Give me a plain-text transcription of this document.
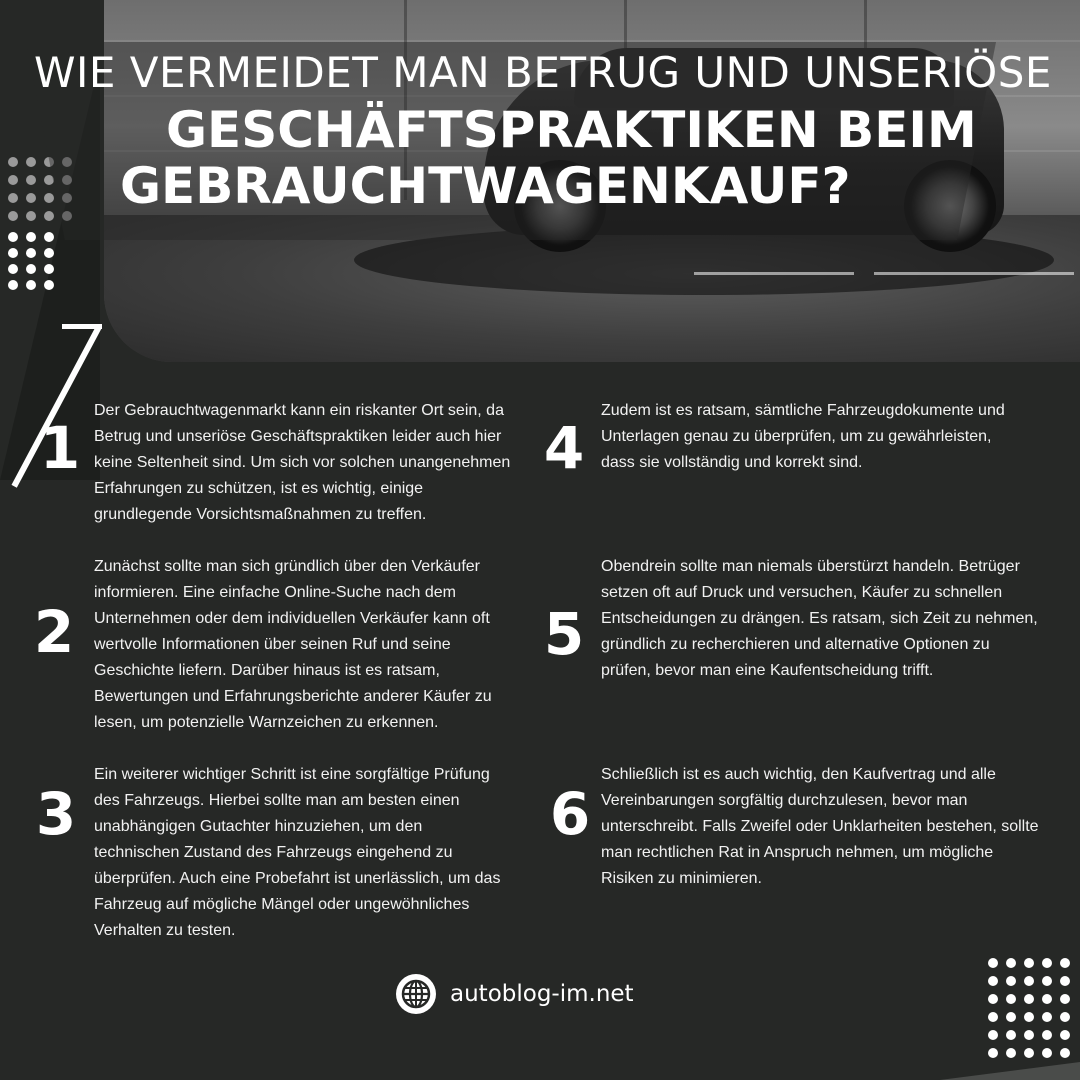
WIE VERMEIDET MAN BETRUG UND UNSERIÖSE
GESCHÄFTSPRAKTIKEN BEIM
GEBRAUCHTWAGENKAUF?
1

Der Gebrauchtwagenmarkt kann ein riskanter Ort sein, da Betrug und unseriöse Geschäftspraktiken leider auch hier keine Seltenheit sind. Um sich vor solchen unangenehmen Erfahrungen zu schützen, ist es wichtig, einige grundlegende Vorsichtsmaßnahmen zu treffen.

2

Zunächst sollte man sich gründlich über den Verkäufer informieren. Eine einfache Online-Suche nach dem Unternehmen oder dem individuellen Verkäufer kann oft wertvolle Informationen über seinen Ruf und seine Geschichte liefern. Darüber hinaus ist es ratsam, Bewertungen und Erfahrungsberichte anderer Käufer zu lesen, um potenzielle Warnzeichen zu erkennen.

3

Ein weiterer wichtiger Schritt ist eine sorgfältige Prüfung des Fahrzeugs. Hierbei sollte man am besten einen unabhängigen Gutachter hinzuziehen, um den technischen Zustand des Fahrzeugs eingehend zu überprüfen. Auch eine Probefahrt ist unerlässlich, um das Fahrzeug auf mögliche Mängel oder ungewöhnliches Verhalten zu testen.

4

Zudem ist es ratsam, sämtliche Fahrzeugdokumente und Unterlagen genau zu überprüfen, um zu gewährleisten, dass sie vollständig und korrekt sind.

5

Obendrein sollte man niemals überstürzt handeln. Betrüger setzen oft auf Druck und versuchen, Käufer zu schnellen Entscheidungen zu drängen. Es ratsam, sich Zeit zu nehmen, gründlich zu recherchieren und alternative Optionen zu prüfen, bevor man eine Kaufentscheidung trifft.

6

Schließlich ist es auch wichtig, den Kaufvertrag und alle Vereinbarungen sorgfältig durchzulesen, bevor man unterschreibt. Falls Zweifel oder Unklarheiten bestehen, sollte man rechtlichen Rat in Anspruch nehmen, um mögliche Risiken zu minimieren.

autoblog-im.net
